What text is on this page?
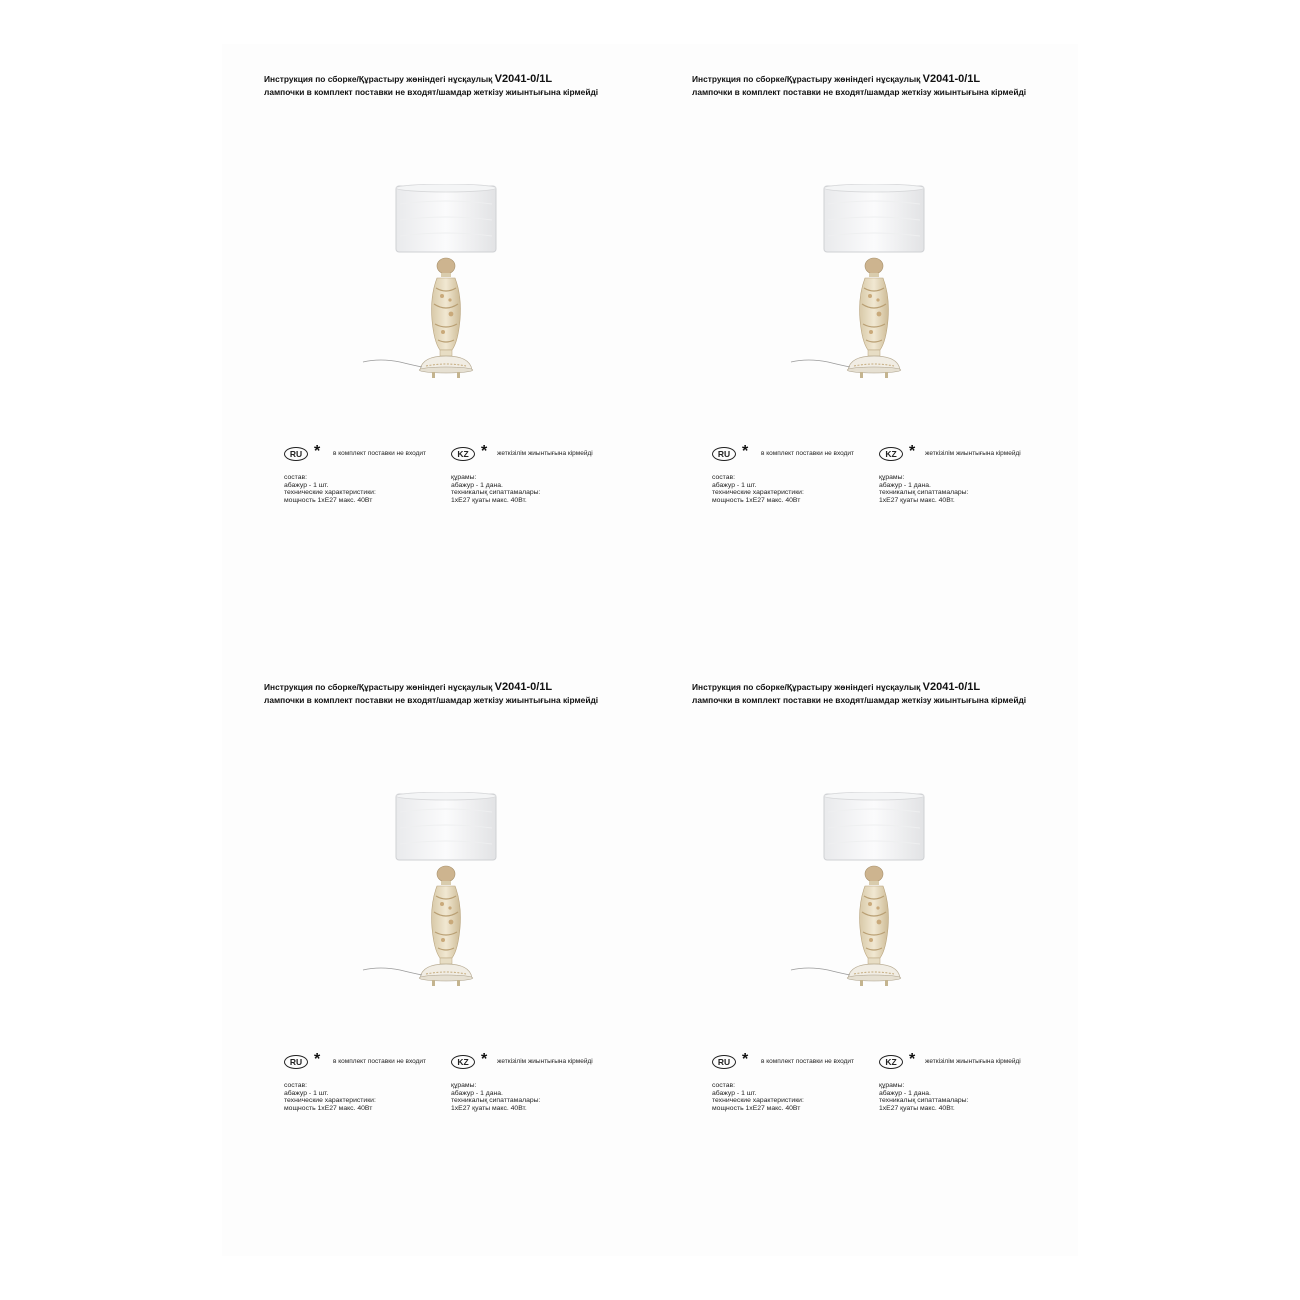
Инструкция по сборке/Құрастыру жөніндегі нұсқаулық V2041-0/1L
лампочки в комплект поставки не входят/шамдар жеткізу жиынтығына кірмейді
RU * в комплект поставки не входит	KZ * жеткізілім жиынтығына кірмейді
состав:
абажур - 1 шт.
технические характеристики:
мощность 1хЕ27 макс. 40Вт
құрамы:
абажур - 1 дана.
техникалық сипаттамалары:
1хЕ27 қуаты макс. 40Вт.
Инструкция по сборке/Құрастыру жөніндегі нұсқаулық V2041-0/1L
лампочки в комплект поставки не входят/шамдар жеткізу жиынтығына кірмейді
RU * в комплект поставки не входит	KZ * жеткізілім жиынтығына кірмейді
состав:
абажур - 1 шт.
технические характеристики:
мощность 1хЕ27 макс. 40Вт
құрамы:
абажур - 1 дана.
техникалық сипаттамалары:
1хЕ27 қуаты макс. 40Вт.
Инструкция по сборке/Құрастыру жөніндегі нұсқаулық V2041-0/1L
лампочки в комплект поставки не входят/шамдар жеткізу жиынтығына кірмейді
RU * в комплект поставки не входит	KZ * жеткізілім жиынтығына кірмейді
состав:
абажур - 1 шт.
технические характеристики:
мощность 1хЕ27 макс. 40Вт
құрамы:
абажур - 1 дана.
техникалық сипаттамалары:
1хЕ27 қуаты макс. 40Вт.
Инструкция по сборке/Құрастыру жөніндегі нұсқаулық V2041-0/1L
лампочки в комплект поставки не входят/шамдар жеткізу жиынтығына кірмейді
RU * в комплект поставки не входит	KZ * жеткізілім жиынтығына кірмейді
состав:
абажур - 1 шт.
технические характеристики:
мощность 1хЕ27 макс. 40Вт
құрамы:
абажур - 1 дана.
техникалық сипаттамалары:
1хЕ27 қуаты макс. 40Вт.
